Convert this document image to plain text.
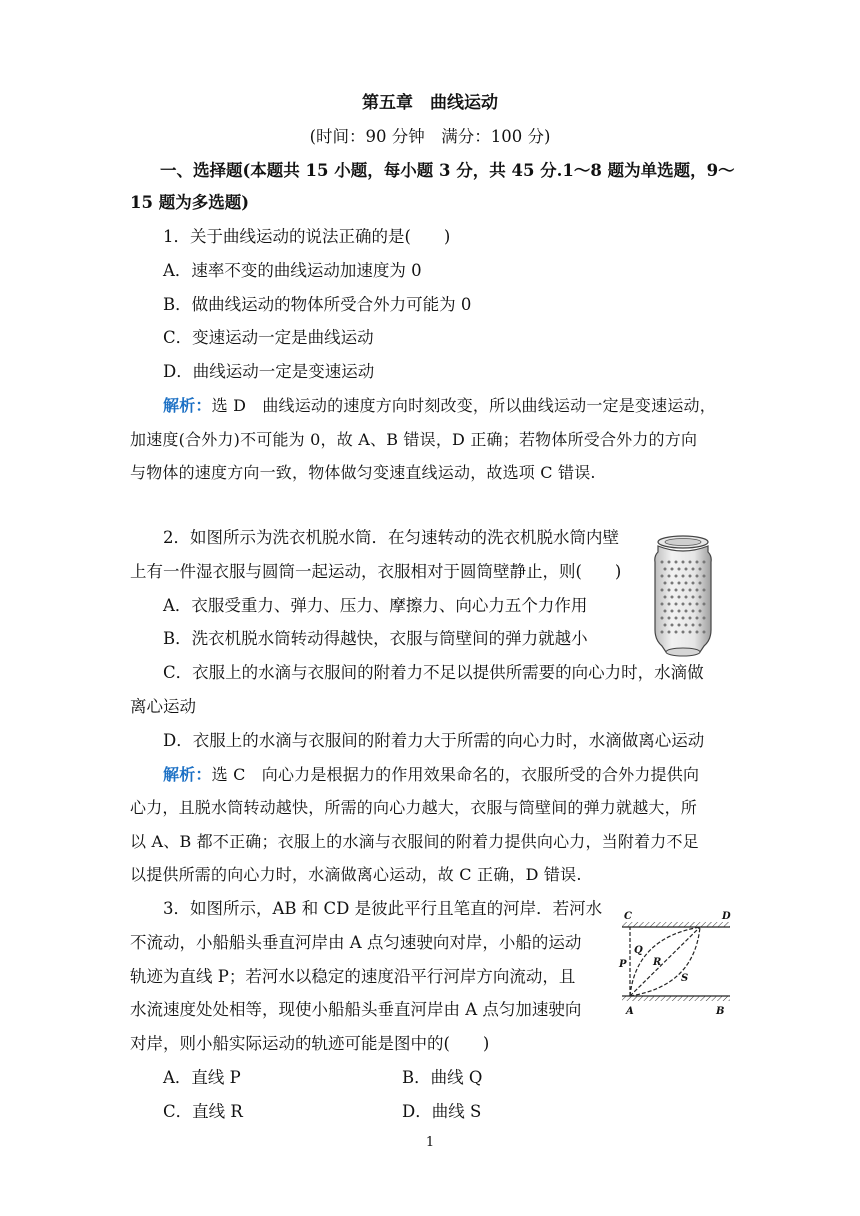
第五章　曲线运动
(时间：90 分钟　满分：100 分)
一、选择题(本题共 15 小题，每小题 3 分，共 45 分.1～8 题为单选题，9～
15 题为多选题)
1．关于曲线运动的说法正确的是(　　)
A．速率不变的曲线运动加速度为 0
B．做曲线运动的物体所受合外力可能为 0
C．变速运动一定是曲线运动
D．曲线运动一定是变速运动
解析：选 D　曲线运动的速度方向时刻改变，所以曲线运动一定是变速运动，
加速度(合外力)不可能为 0，故 A、B 错误，D 正确；若物体所受合外力的方向
与物体的速度方向一致，物体做匀变速直线运动，故选项 C 错误.
2．如图所示为洗衣机脱水筒．在匀速转动的洗衣机脱水筒内壁
上有一件湿衣服与圆筒一起运动，衣服相对于圆筒壁静止，则(　　)
A．衣服受重力、弹力、压力、摩擦力、向心力五个力作用
B．洗衣机脱水筒转动得越快，衣服与筒壁间的弹力就越小
C．衣服上的水滴与衣服间的附着力不足以提供所需要的向心力时，水滴做
离心运动
D．衣服上的水滴与衣服间的附着力大于所需的向心力时，水滴做离心运动
解析：选 C　向心力是根据力的作用效果命名的，衣服所受的合外力提供向
心力，且脱水筒转动越快，所需的向心力越大，衣服与筒壁间的弹力就越大，所
以 A、B 都不正确；衣服上的水滴与衣服间的附着力提供向心力，当附着力不足
以提供所需的向心力时，水滴做离心运动，故 C 正确，D 错误.
3．如图所示，AB 和 CD 是彼此平行且笔直的河岸．若河水
不流动，小船船头垂直河岸由 A 点匀速驶向对岸，小船的运动
轨迹为直线 P；若河水以稳定的速度沿平行河岸方向流动，且
水流速度处处相等，现使小船船头垂直河岸由 A 点匀加速驶向
对岸，则小船实际运动的轨迹可能是图中的(　　)
A．直线 P	B．曲线 Q
C．直线 R	D．曲线 S
C	D
A	B
P
Q
R
S
1
